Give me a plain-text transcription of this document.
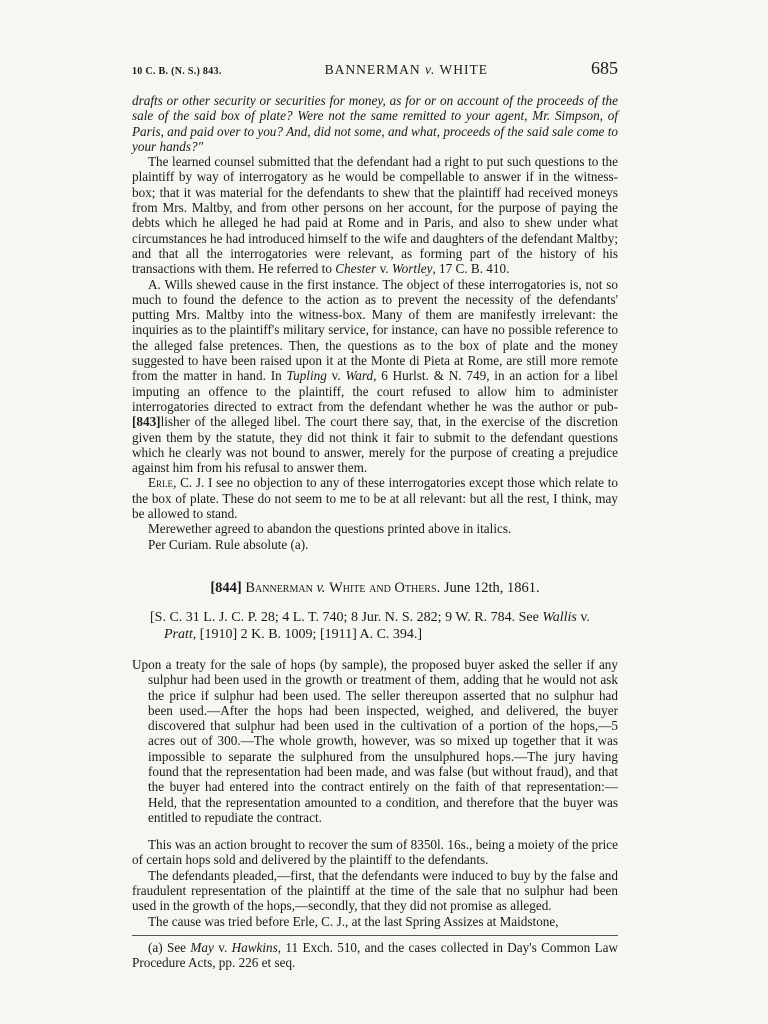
10 C. B. (N. S.) 843.	BANNERMAN v. WHITE	685

drafts or other security or securities for money, as for or on account of the proceeds of the sale of the said box of plate? Were not the same remitted to your agent, Mr. Simpson, of Paris, and paid over to you? And, did not some, and what, proceeds of the said sale come to your hands?"

The learned counsel submitted that the defendant had a right to put such questions to the plaintiff by way of interrogatory as he would be compellable to answer if in the witness-box; that it was material for the defendants to shew that the plaintiff had received moneys from Mrs. Maltby, and from other persons on her account, for the purpose of paying the debts which he alleged he had paid at Rome and in Paris, and also to shew under what circumstances he had introduced himself to the wife and daughters of the defendant Maltby; and that all the interrogatories were relevant, as forming part of the history of his transactions with them. He referred to Chester v. Wortley, 17 C. B. 410.

A. Wills shewed cause in the first instance. The object of these interrogatories is, not so much to found the defence to the action as to prevent the necessity of the defendants' putting Mrs. Maltby into the witness-box. Many of them are manifestly irrelevant: the inquiries as to the plaintiff's military service, for instance, can have no possible reference to the alleged false pretences. Then, the questions as to the box of plate and the money suggested to have been raised upon it at the Monte di Pieta at Rome, are still more remote from the matter in hand. In Tupling v. Ward, 6 Hurlst. & N. 749, in an action for a libel imputing an offence to the plaintiff, the court refused to allow him to administer interrogatories directed to extract from the defendant whether he was the author or pub-[843]lisher of the alleged libel. The court there say, that, in the exercise of the discretion given them by the statute, they did not think it fair to submit to the defendant questions which he clearly was not bound to answer, merely for the purpose of creating a prejudice against him from his refusal to answer them.

Erle, C. J. I see no objection to any of these interrogatories except those which relate to the box of plate. These do not seem to me to be at all relevant: but all the rest, I think, may be allowed to stand.

Merewether agreed to abandon the questions printed above in italics.

Per Curiam. Rule absolute (a).

[844] Bannerman v. White and Others. June 12th, 1861.

[S. C. 31 L. J. C. P. 28; 4 L. T. 740; 8 Jur. N. S. 282; 9 W. R. 784. See Wallis v. Pratt, [1910] 2 K. B. 1009; [1911] A. C. 394.]

Upon a treaty for the sale of hops (by sample), the proposed buyer asked the seller if any sulphur had been used in the growth or treatment of them, adding that he would not ask the price if sulphur had been used. The seller thereupon asserted that no sulphur had been used.—After the hops had been inspected, weighed, and delivered, the buyer discovered that sulphur had been used in the cultivation of a portion of the hops,—5 acres out of 300.—The whole growth, however, was so mixed up together that it was impossible to separate the sulphured from the unsulphured hops.—The jury having found that the representation had been made, and was false (but without fraud), and that the buyer had entered into the contract entirely on the faith of that representation:—Held, that the representation amounted to a condition, and therefore that the buyer was entitled to repudiate the contract.

This was an action brought to recover the sum of 8350l. 16s., being a moiety of the price of certain hops sold and delivered by the plaintiff to the defendants.

The defendants pleaded,—first, that the defendants were induced to buy by the false and fraudulent representation of the plaintiff at the time of the sale that no sulphur had been used in the growth of the hops,—secondly, that they did not promise as alleged.

The cause was tried before Erle, C. J., at the last Spring Assizes at Maidstone,

(a) See May v. Hawkins, 11 Exch. 510, and the cases collected in Day's Common Law Procedure Acts, pp. 226 et seq.
